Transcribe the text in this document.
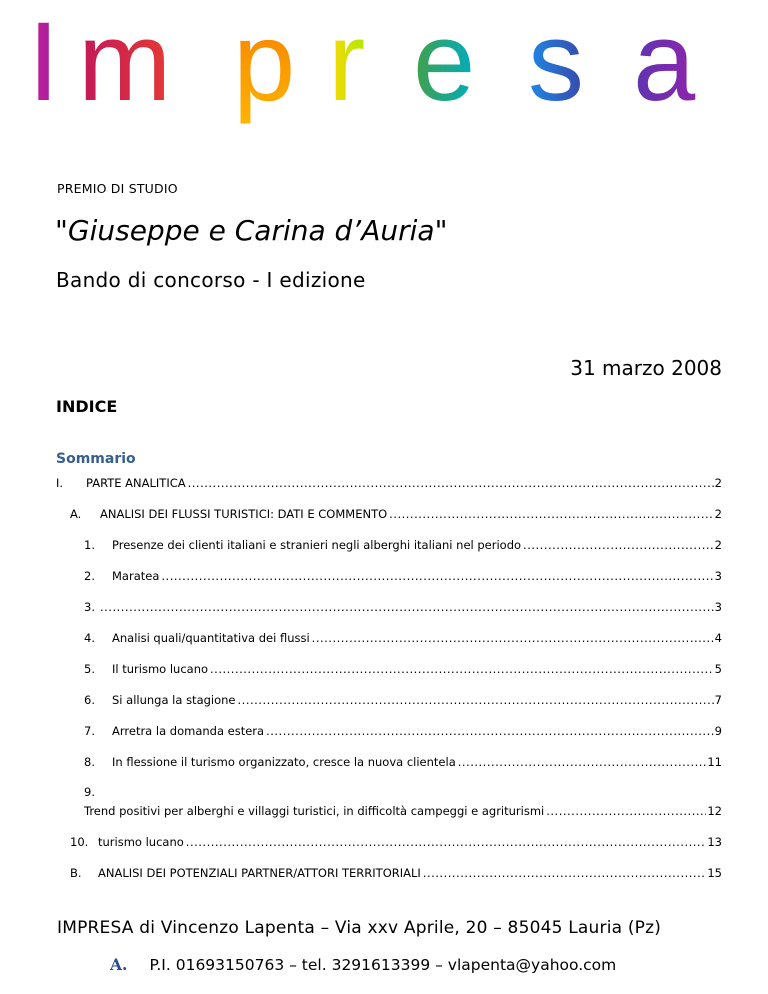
I m p r e s a
PREMIO DI STUDIO
"Giuseppe e Carina d’Auria"
Bando di concorso - I edizione
31 marzo 2008
INDICE
Sommario
I.	PARTE ANALITICA .....	2
A.	ANALISI DEI FLUSSI TURISTICI: DATI E COMMENTO .....	2
1.	Presenze dei clienti italiani e stranieri negli alberghi italiani nel periodo .....	2
2.	Maratea .....	3
3. .....	3
4.	Analisi quali/quantitativa dei flussi .....	4
5.	Il turismo lucano .....	5
6.	Si allunga la stagione .....	7
7.	Arretra la domanda estera .....	9
8.	In flessione il turismo organizzato, cresce la nuova clientela .....	11
9.
Trend positivi per alberghi e villaggi turistici, in difficoltà campeggi e agriturismi .....	12
10. turismo lucano .....	13
B.	ANALISI DEI POTENZIALI PARTNER/ATTORI TERRITORIALI .....	15
IMPRESA di Vincenzo Lapenta – Via xxv Aprile, 20 – 85045 Lauria (Pz)
A. P.I. 01693150763 – tel. 3291613399 – vlapenta@yahoo.com
